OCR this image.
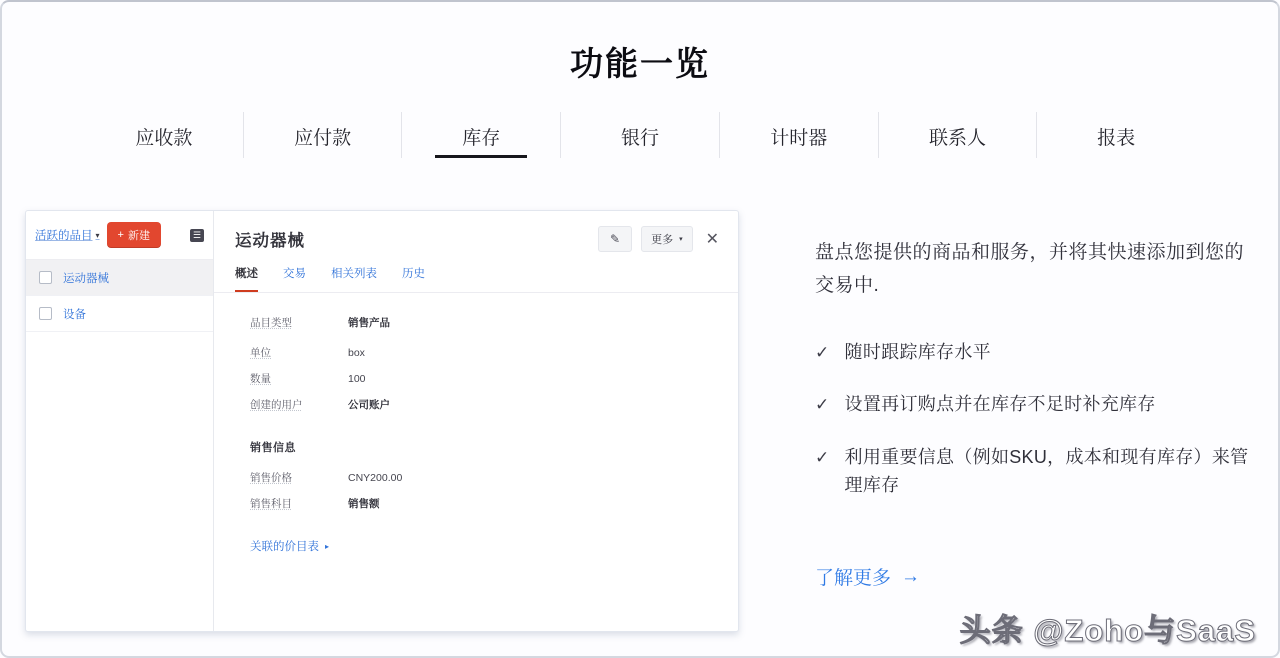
功能一览
应收款	应付款	库存	银行	计时器	联系人	报表
活跃的品目 ▾ + 新建	☰
运动器械
设备
运动器械	✎	更多 ▾ ✕
概述 交易 相关列表 历史
品目类型	销售产品
单位	box
数量	100
创建的用户	公司账户
销售信息
销售价格	CNY200.00
销售科目	销售额
关联的价目表 ▸

盘点您提供的商品和服务，并将其快速添加到您的交易中.

✓ 随时跟踪库存水平
✓ 设置再订购点并在库存不足时补充库存
✓ 利用重要信息（例如SKU，成本和现有库存）来管理库存
了解更多 →
头条 @Zoho与SaaS
